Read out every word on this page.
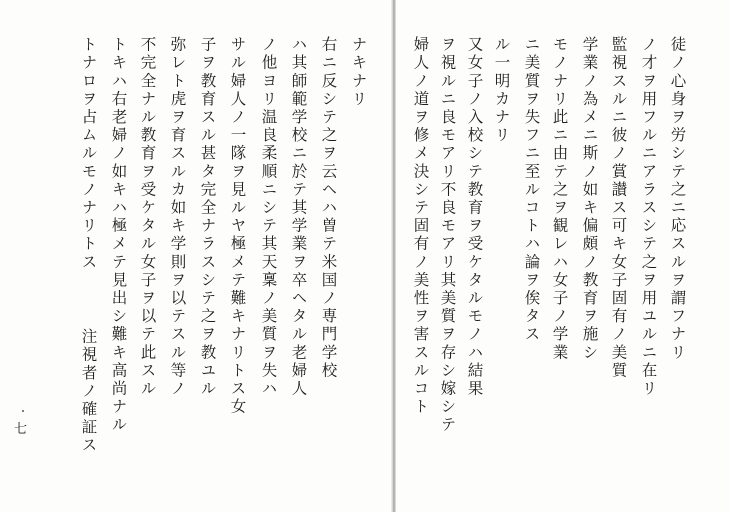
ナキナリ
右ニ反シテ之ヲ云ヘハ曽テ米国ノ専門学校
ハ其師範学校ニ於テ其学業ヲ卒ヘタル老婦人
ノ他ヨリ温良柔順ニシテ其天稟ノ美質ヲ失ハ
サル婦人ノ一隊ヲ見ルヤ極メテ難キナリトス女
子ヲ教育スル甚タ完全ナラスシテ之ヲ教ユル
弥レト虎ヲ育スルカ如キ学則ヲ以テスル等ノ
不完全ナル教育ヲ受ケタル女子ヲ以テ此スル
トキハ右老婦ノ如キハ極メテ見出シ難キ高尚ナル
トナロヲ占ムルモノナリトス
注視者ノ確証ス
七
徒ノ心身ヲ労シテ之ニ応スルヲ謂フナリ
ノ才ヲ用フルニアラスシテ之ヲ用ユルニ在リ
監視スルニ彼ノ賞讃ス可キ女子固有ノ美質
学業ノ為メニ斯ノ如キ偏頗ノ教育ヲ施シ
モノナリ此ニ由テ之ヲ観レハ女子ノ学業
ニ美質ヲ失フニ至ルコトハ論ヲ俟タス
ル一明カナリ
又女子ノ入校シテ教育ヲ受ケタルモノハ結果
ヲ視ルニ良モアリ不良モアリ其美質ヲ存シ嫁シテ
婦人ノ道ヲ修メ決シテ固有ノ美性ヲ害スルコト
